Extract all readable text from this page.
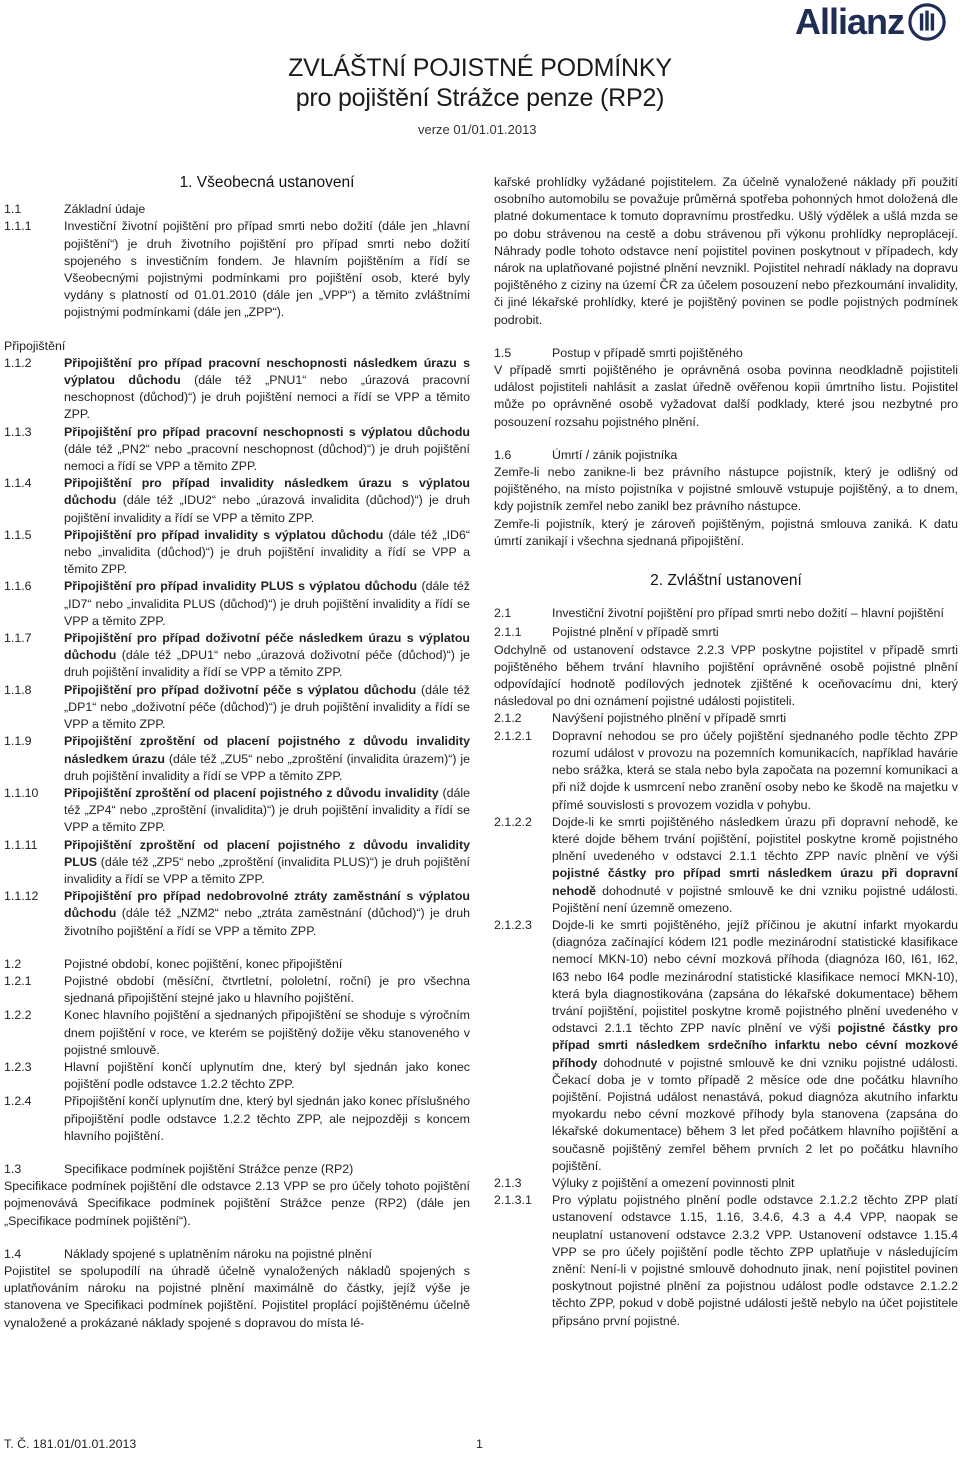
Allianz
ZVLÁŠTNÍ POJISTNÉ PODMÍNKY
pro pojištění Strážce penze (RP2)
verze 01/01.01.2013

1. Všeobecná ustanovení

1.1	Základní údaje
1.1.1	Investiční životní pojištění pro případ smrti nebo dožití (dále jen „hlavní pojištění“) je druh životního pojištění pro případ smrti nebo dožití spojeného s investičním fondem. Je hlavním pojištěním a řídí se Všeobecnými pojistnými podmínkami pro pojištění osob, které byly vydány s platností od 01.01.2010 (dále jen „VPP“) a těmito zvláštními pojistnými podmínkami (dále jen „ZPP“).
Připojištění
1.1.2	Připojištění pro případ pracovní neschopnosti následkem úrazu s výplatou důchodu (dále též „PNU1“ nebo „úrazová pracovní neschopnost (důchod)“) je druh pojištění nemoci a řídí se VPP a těmito ZPP.
1.1.3	Připojištění pro případ pracovní neschopnosti s výplatou důchodu (dále též „PN2“ nebo „pracovní neschopnost (důchod)“) je druh pojištění nemoci a řídí se VPP a těmito ZPP.
1.1.4	Připojištění pro případ invalidity následkem úrazu s výplatou důchodu (dále též „IDU2“ nebo „úrazová invalidita (důchod)“) je druh pojištění invalidity a řídí se VPP a těmito ZPP.
1.1.5	Připojištění pro případ invalidity s výplatou důchodu (dále též „ID6“ nebo „invalidita (důchod)“) je druh pojištění invalidity a řídí se VPP a těmito ZPP.
1.1.6	Připojištění pro případ invalidity PLUS s výplatou důchodu (dále též „ID7“ nebo „invalidita PLUS (důchod)“) je druh pojištění invalidity a řídí se VPP a těmito ZPP.
1.1.7	Připojištění pro případ doživotní péče následkem úrazu s výplatou důchodu (dále též „DPU1“ nebo „úrazová doživotní péče (důchod)“) je druh pojištění invalidity a řídí se VPP a těmito ZPP.
1.1.8	Připojištění pro případ doživotní péče s výplatou důchodu (dále též „DP1“ nebo „doživotní péče (důchod)“) je druh pojištění invalidity a řídí se VPP a těmito ZPP.
1.1.9	Připojištění zproštění od placení pojistného z důvodu invalidity následkem úrazu (dále též „ZU5“ nebo „zproštění (invalidita úrazem)“) je druh pojištění invalidity a řídí se VPP a těmito ZPP.
1.1.10	Připojištění zproštění od placení pojistného z důvodu invalidity (dále též „ZP4“ nebo „zproštění (invalidita)“) je druh pojištění invalidity a řídí se VPP a těmito ZPP.
1.1.11	Připojištění zproštění od placení pojistného z důvodu invalidity PLUS (dále též „ZP5“ nebo „zproštění (invalidita PLUS)“) je druh pojištění invalidity a řídí se VPP a těmito ZPP.
1.1.12	Připojištění pro případ nedobrovolné ztráty zaměstnání s výplatou důchodu (dále též „NZM2“ nebo „ztráta zaměstnání (důchod)“) je druh životního pojištění a řídí se VPP a těmito ZPP.
1.2	Pojistné období, konec pojištění, konec připojištění
1.2.1	Pojistné období (měsíční, čtvrtletní, pololetní, roční) je pro všechna sjednaná připojištění stejné jako u hlavního pojištění.
1.2.2	Konec hlavního pojištění a sjednaných připojištění se shoduje s výročním dnem pojištění v roce, ve kterém se pojištěný dožije věku stanoveného v pojistné smlouvě.
1.2.3	Hlavní pojištění končí uplynutím dne, který byl sjednán jako konec pojištění podle odstavce 1.2.2 těchto ZPP.
1.2.4	Připojištění končí uplynutím dne, který byl sjednán jako konec příslušného připojištění podle odstavce 1.2.2 těchto ZPP, ale nejpozději s koncem hlavního pojištění.
1.3	Specifikace podmínek pojištění Strážce penze (RP2)
Specifikace podmínek pojištění dle odstavce 2.13 VPP se pro účely tohoto pojištění pojmenovává Specifikace podmínek pojištění Strážce penze (RP2) (dále jen „Specifikace podmínek pojištění“).
1.4	Náklady spojené s uplatněním nároku na pojistné plnění
Pojistitel se spolupodílí na úhradě účelně vynaložených nákladů spojených s uplatňováním nároku na pojistné plnění maximálně do částky, jejíž výše je stanovena ve Specifikaci podmínek pojištění. Pojistitel proplácí pojištěnému účelně vynaložené a prokázané náklady spojené s dopravou do místa lé-
kařské prohlídky vyžádané pojistitelem. Za účelně vynaložené náklady při použití osobního automobilu se považuje průměrná spotřeba pohonných hmot doložená dle platné dokumentace k tomuto dopravnímu prostředku. Ušlý výdělek a ušlá mzda se po dobu strávenou na cestě a dobu strávenou při výkonu prohlídky neproplácejí. Náhrady podle tohoto odstavce není pojistitel povinen poskytnout v případech, kdy nárok na uplatňované pojistné plnění nevznikl. Pojistitel nehradí náklady na dopravu pojištěného z ciziny na území ČR za účelem posouzení nebo přezkoumání invalidity, či jiné lékařské prohlídky, které je pojištěný povinen se podle pojistných podmínek podrobit.
1.5	Postup v případě smrti pojištěného
V případě smrti pojištěného je oprávněná osoba povinna neodkladně pojistiteli událost pojistiteli nahlásit a zaslat úředně ověřenou kopii úmrtního listu. Pojistitel může po oprávněné osobě vyžadovat další podklady, které jsou nezbytné pro posouzení rozsahu pojistného plnění.
1.6	Úmrtí / zánik pojistníka
Zemře-li nebo zanikne-li bez právního nástupce pojistník, který je odlišný od pojištěného, na místo pojistníka v pojistné smlouvě vstupuje pojištěný, a to dnem, kdy pojistník zemřel nebo zanikl bez právního nástupce.
Zemře-li pojistník, který je zároveň pojištěným, pojistná smlouva zaniká. K datu úmrtí zanikají i všechna sjednaná připojištění.

2. Zvláštní ustanovení

2.1	Investiční životní pojištění pro případ smrti nebo dožití – hlavní pojištění
2.1.1	Pojistné plnění v případě smrti
Odchylně od ustanovení odstavce 2.2.3 VPP poskytne pojistitel v případě smrti pojištěného během trvání hlavního pojištění oprávněné osobě pojistné plnění odpovídající hodnotě podílových jednotek zjištěné k oceňovacímu dni, který následoval po dni oznámení pojistné události pojistiteli.
2.1.2	Navýšení pojistného plnění v případě smrti
2.1.2.1	Dopravní nehodou se pro účely pojištění sjednaného podle těchto ZPP rozumí událost v provozu na pozemních komunikacích, například havárie nebo srážka, která se stala nebo byla započata na pozemní komunikaci a při níž dojde k usmrcení nebo zranění osoby nebo ke škodě na majetku v přímé souvislosti s provozem vozidla v pohybu.
2.1.2.2	Dojde-li ke smrti pojištěného následkem úrazu při dopravní nehodě, ke které dojde během trvání pojištění, pojistitel poskytne kromě pojistného plnění uvedeného v odstavci 2.1.1 těchto ZPP navíc plnění ve výši pojistné částky pro případ smrti následkem úrazu při dopravní nehodě dohodnuté v pojistné smlouvě ke dni vzniku pojistné události. Pojištění není územně omezeno.
2.1.2.3	Dojde-li ke smrti pojištěného, jejíž příčinou je akutní infarkt myokardu (diagnóza začínající kódem I21 podle mezinárodní statistické klasifikace nemocí MKN-10) nebo cévní mozková příhoda (diagnóza I60, I61, I62, I63 nebo I64 podle mezinárodní statistické klasifikace nemocí MKN-10), která byla diagnostikována (zapsána do lékařské dokumentace) během trvání pojištění, pojistitel poskytne kromě pojistného plnění uvedeného v odstavci 2.1.1 těchto ZPP navíc plnění ve výši pojistné částky pro případ smrti následkem srdečního infarktu nebo cévní mozkové příhody dohodnuté v pojistné smlouvě ke dni vzniku pojistné události. Čekací doba je v tomto případě 2 měsíce ode dne počátku hlavního pojištění. Pojistná událost nenastává, pokud diagnóza akutního infarktu myokardu nebo cévní mozkové příhody byla stanovena (zapsána do lékařské dokumentace) během 3 let před počátkem hlavního pojištění a současně pojištěný zemřel během prvních 2 let po počátku hlavního pojištění.
2.1.3	Výluky z pojištění a omezení povinnosti plnit
2.1.3.1	Pro výplatu pojistného plnění podle odstavce 2.1.2.2 těchto ZPP platí ustanovení odstavce 1.15, 1.16, 3.4.6, 4.3 a 4.4 VPP, naopak se neuplatní ustanovení odstavce 2.3.2 VPP. Ustanovení odstavce 1.15.4 VPP se pro účely pojištění podle těchto ZPP uplatňuje v následujícím znění: Není-li v pojistné smlouvě dohodnuto jinak, není pojistitel povinen poskytnout pojistné plnění za pojistnou událost podle odstavce 2.1.2.2 těchto ZPP, pokud v době pojistné události ještě nebylo na účet pojistitele připsáno první pojistné.
T. Č. 181.01/01.01.2013	1
